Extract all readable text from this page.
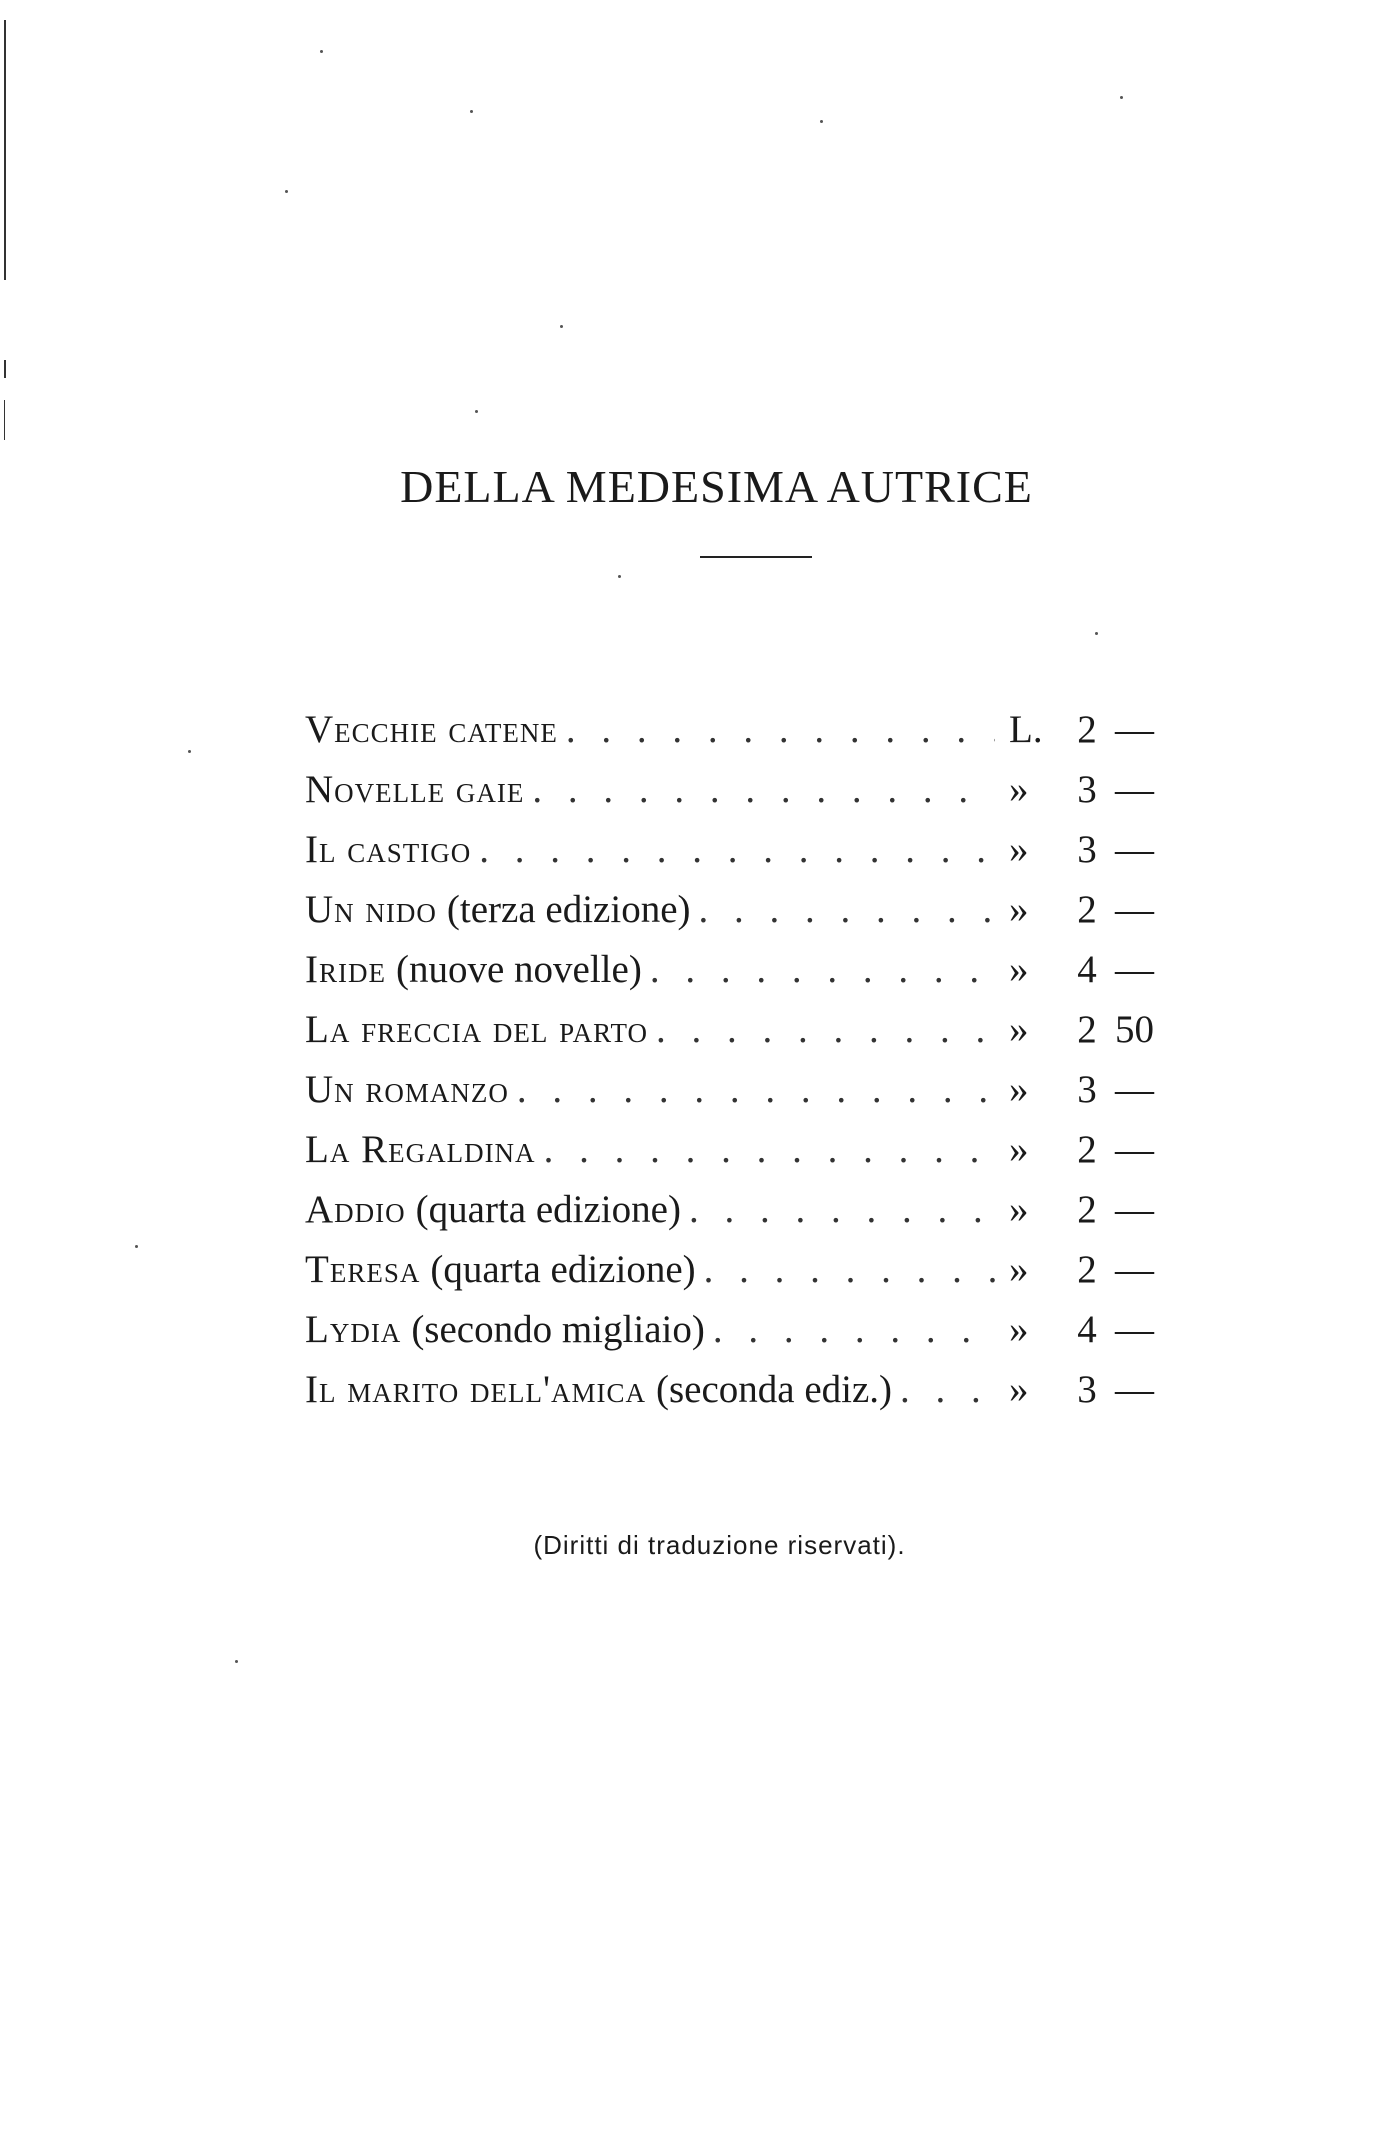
DELLA MEDESIMA AUTRICE
Vecchie catene . . .	L. 2 —
Novelle gaie . . .	»	3 —
Il castigo . . .	»	3 —
Un nido (terza edizione) . . .	»	2 —
Iride (nuove novelle) . . .	»	4 —
La freccia del parto . . .	»	2 50
Un romanzo . . .	»	3 —
La Regaldina . . .	»	2 —
Addio (quarta edizione) . . .	»	2 —
Teresa (quarta edizione) . . .	»	2 —
Lydia (secondo migliaio) . . .	»	4 —
Il marito dell'amica (seconda ediz.) . . .	»	3 —

(Diritti di traduzione riservati).
